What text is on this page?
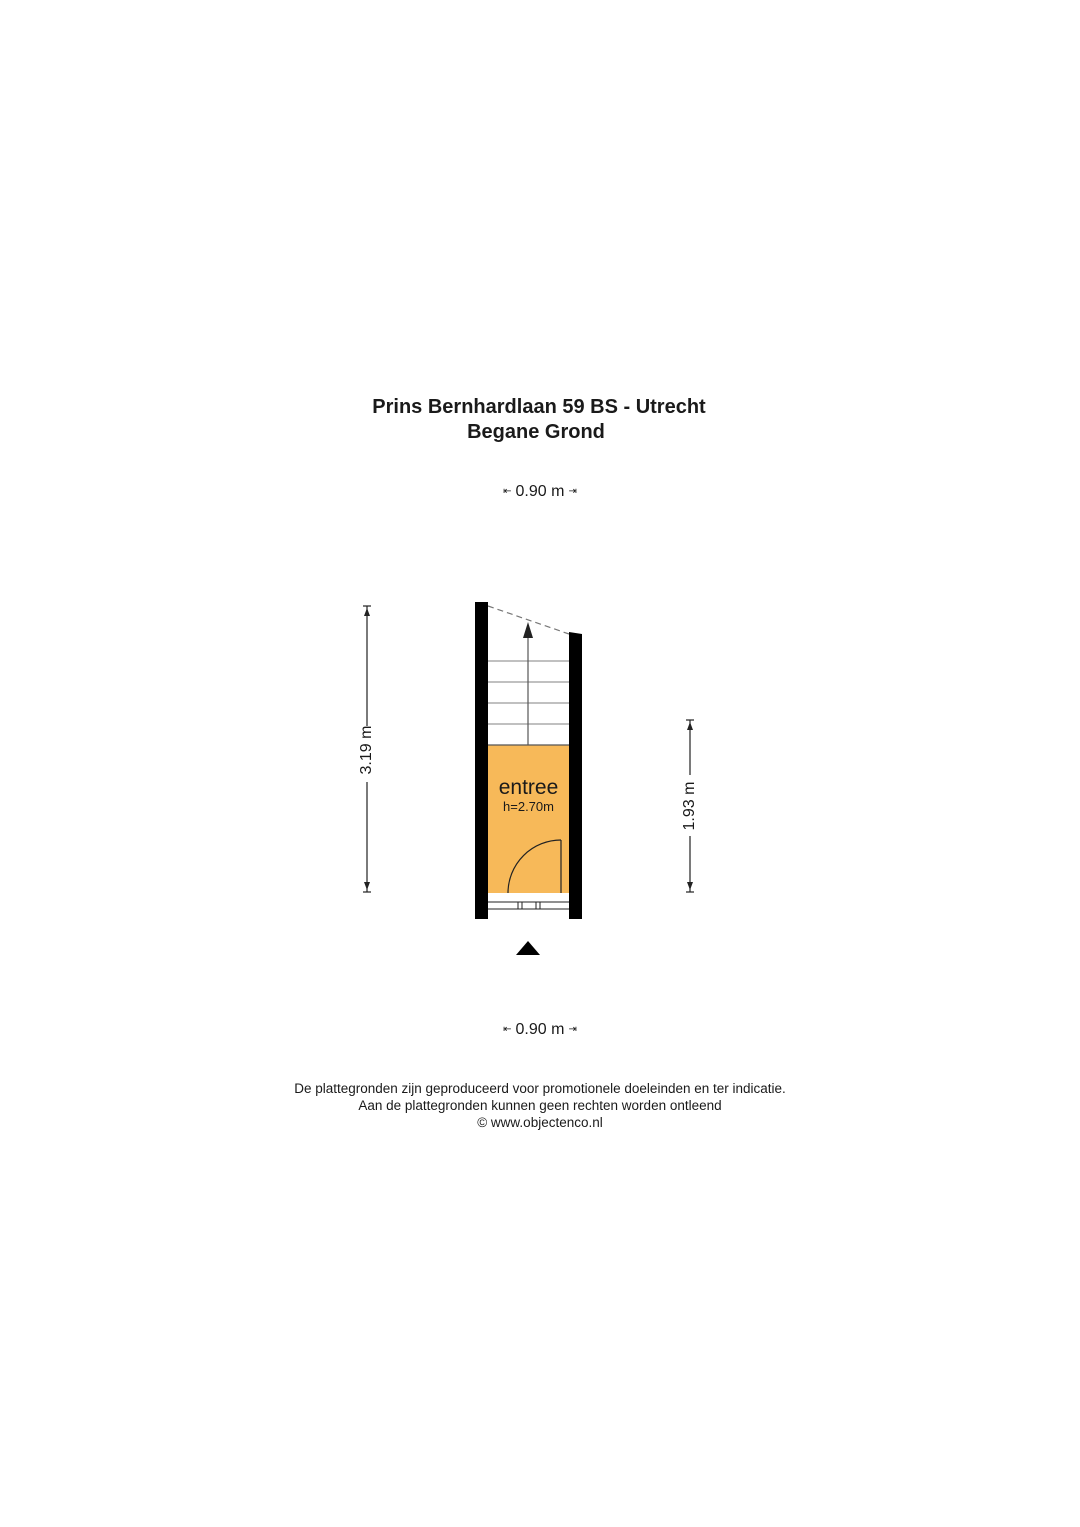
Prins Bernhardlaan 59 BS - Utrecht
Begane Grond
⇤ 0.90 m ⇥
entree
h=2.70m
3.19 m
1.93 m
⇤ 0.90 m ⇥
De plattegronden zijn geproduceerd voor promotionele doeleinden en ter indicatie.
Aan de plattegronden kunnen geen rechten worden ontleend
© www.objectenco.nl
